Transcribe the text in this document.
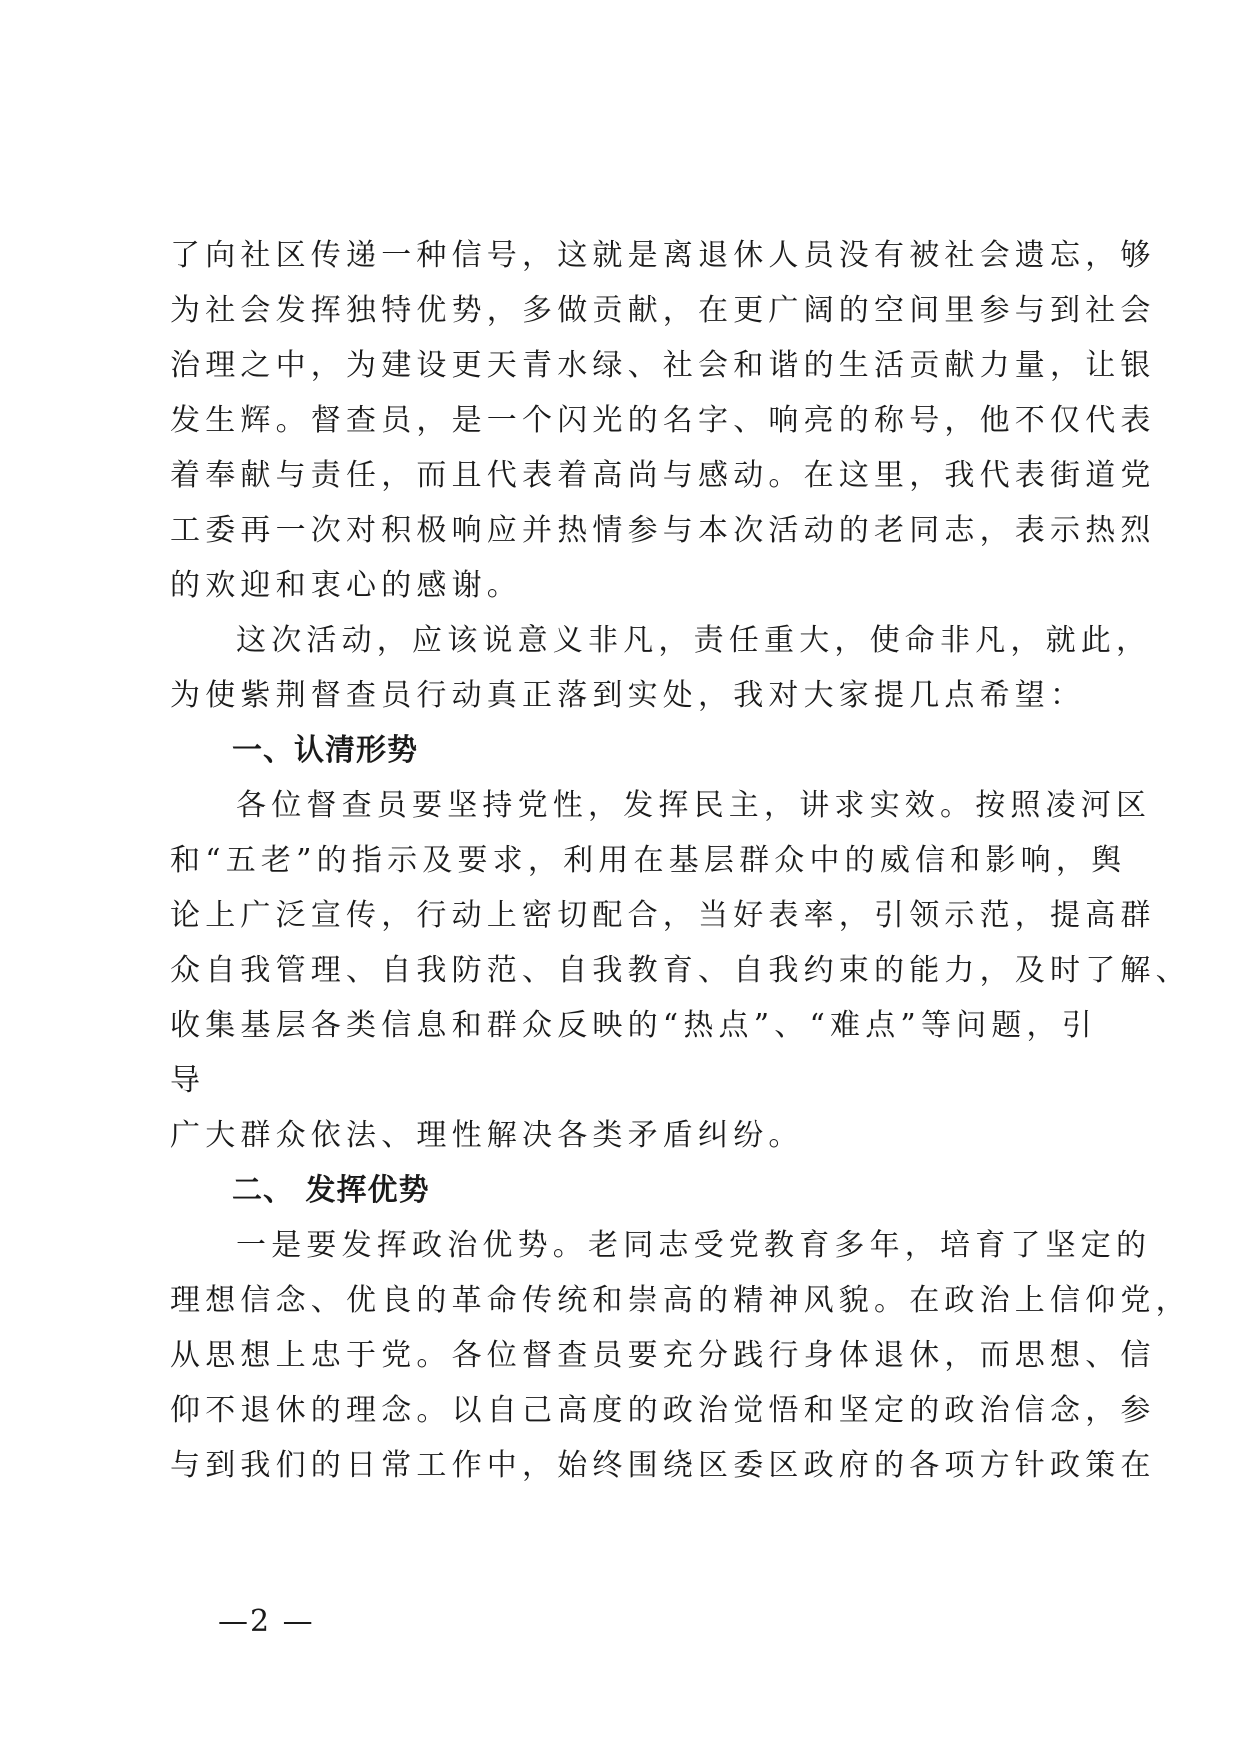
了向社区传递一种信号，这就是离退休人员没有被社会遗忘，够
为社会发挥独特优势，多做贡献，在更广阔的空间里参与到社会
治理之中，为建设更天青水绿、社会和谐的生活贡献力量，让银
发生辉。督查员，是一个闪光的名字、响亮的称号，他不仅代表
着奉献与责任，而且代表着高尚与感动。在这里，我代表街道党
工委再一次对积极响应并热情参与本次活动的老同志，表示热烈
的欢迎和衷心的感谢。
这次活动，应该说意义非凡，责任重大，使命非凡，就此，
为使紫荆督查员行动真正落到实处，我对大家提几点希望：
一、认清形势
各位督查员要坚持党性，发挥民主，讲求实效。按照凌河区
和“五老”的指示及要求，利用在基层群众中的威信和影响，舆
论上广泛宣传，行动上密切配合，当好表率，引领示范，提高群
众自我管理、自我防范、自我教育、自我约束的能力，及时了解、
收集基层各类信息和群众反映的“热点”、“难点”等问题，引
导
广大群众依法、理性解决各类矛盾纠纷。
二、 发挥优势
一是要发挥政治优势。老同志受党教育多年，培育了坚定的
理想信念、优良的革命传统和崇高的精神风貌。在政治上信仰党，
从思想上忠于党。各位督查员要充分践行身体退休，而思想、信
仰不退休的理念。以自己高度的政治觉悟和坚定的政治信念，参
与到我们的日常工作中，始终围绕区委区政府的各项方针政策在
—2 —
